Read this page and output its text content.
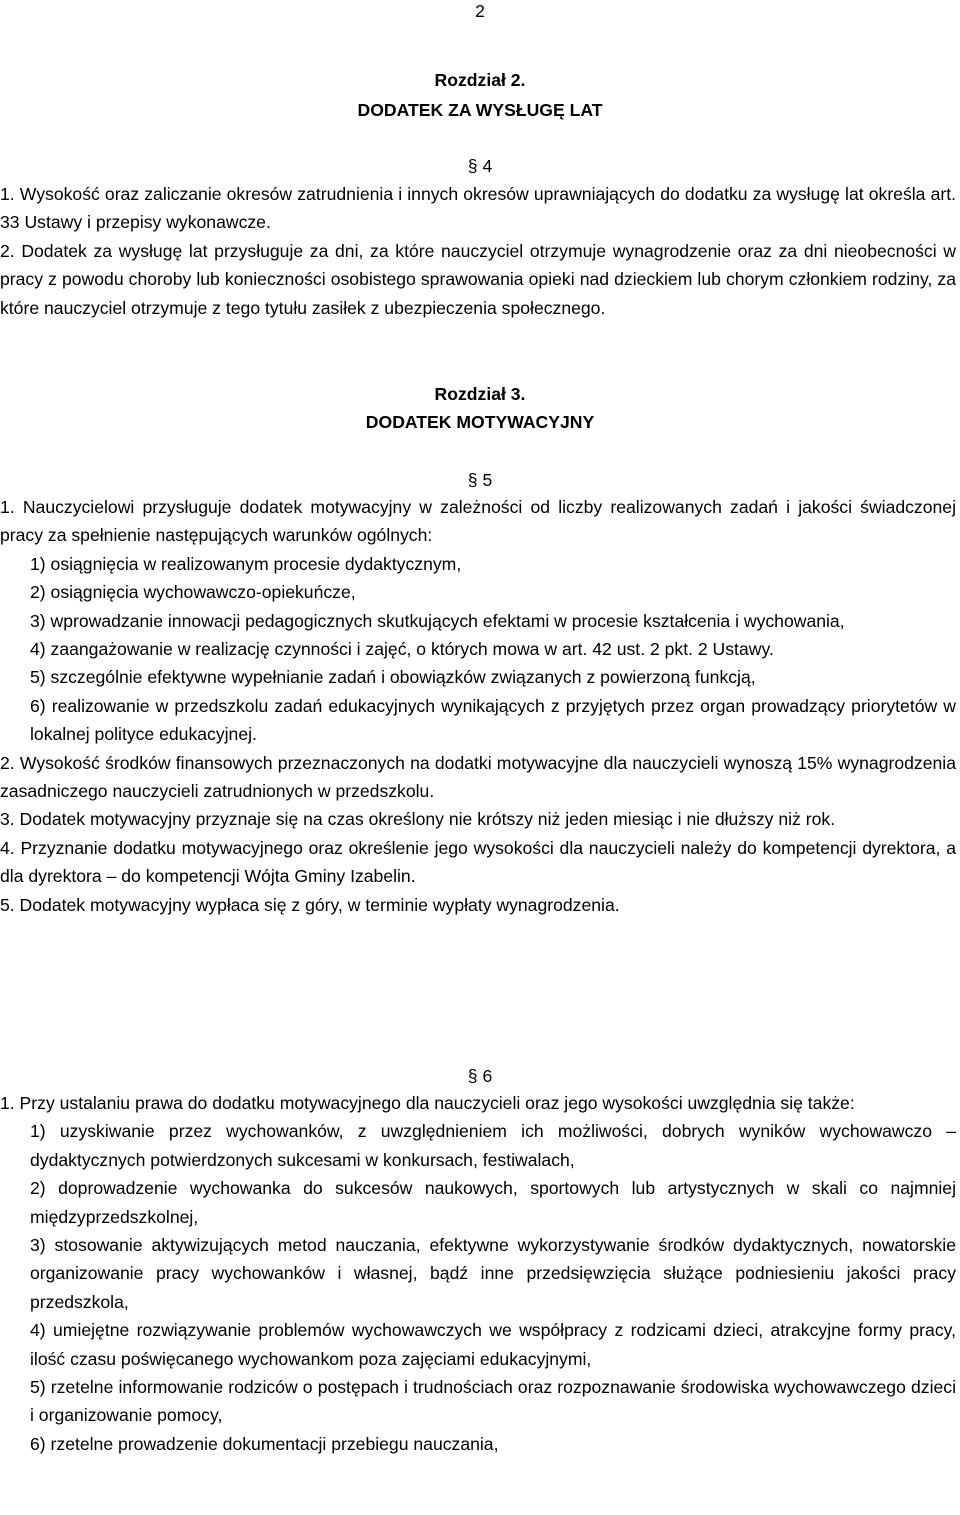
2
Rozdział 2.
DODATEK ZA WYSŁUGĘ LAT
§ 4

1. Wysokość oraz zaliczanie okresów zatrudnienia i innych okresów uprawniających do dodatku za wysługę lat określa art. 33 Ustawy i przepisy wykonawcze.

2. Dodatek za wysługę lat przysługuje za dni, za które nauczyciel otrzymuje wynagrodzenie oraz za dni nieobecności w pracy z powodu choroby lub konieczności osobistego sprawowania opieki nad dzieckiem lub chorym członkiem rodziny, za które nauczyciel otrzymuje z tego tytułu zasiłek z ubezpieczenia społecznego.

Rozdział 3.
DODATEK MOTYWACYJNY
§ 5

1. Nauczycielowi przysługuje dodatek motywacyjny w zależności od liczby realizowanych zadań i jakości świadczonej pracy za spełnienie następujących warunków ogólnych:

1) osiągnięcia w realizowanym procesie dydaktycznym,

2) osiągnięcia wychowawczo-opiekuńcze,

3) wprowadzanie innowacji pedagogicznych skutkujących efektami w procesie kształcenia i wychowania,

4) zaangażowanie w realizację czynności i zajęć, o których mowa w art. 42 ust. 2 pkt. 2 Ustawy.

5) szczególnie efektywne wypełnianie zadań i obowiązków związanych z powierzoną funkcją,

6) realizowanie w przedszkolu zadań edukacyjnych wynikających z przyjętych przez organ prowadzący priorytetów w lokalnej polityce edukacyjnej.

2. Wysokość środków finansowych przeznaczonych na dodatki motywacyjne dla nauczycieli wynoszą 15% wynagrodzenia zasadniczego nauczycieli zatrudnionych w przedszkolu.

3. Dodatek motywacyjny przyznaje się na czas określony nie krótszy niż jeden miesiąc i nie dłuższy niż rok.

4. Przyznanie dodatku motywacyjnego oraz określenie jego wysokości dla nauczycieli należy do kompetencji dyrektora, a dla dyrektora – do kompetencji Wójta Gminy Izabelin.

5. Dodatek motywacyjny wypłaca się z góry, w terminie wypłaty wynagrodzenia.

§ 6

1. Przy ustalaniu prawa do dodatku motywacyjnego dla nauczycieli oraz jego wysokości uwzględnia się także:

1) uzyskiwanie przez wychowanków, z uwzględnieniem ich możliwości, dobrych wyników wychowawczo – dydaktycznych potwierdzonych sukcesami w konkursach, festiwalach,

2) doprowadzenie wychowanka do sukcesów naukowych, sportowych lub artystycznych w skali co najmniej międzyprzedszkolnej,

3) stosowanie aktywizujących metod nauczania, efektywne wykorzystywanie środków dydaktycznych, nowatorskie organizowanie pracy wychowanków i własnej, bądź inne przedsięwzięcia służące podniesieniu jakości pracy przedszkola,

4) umiejętne rozwiązywanie problemów wychowawczych we współpracy z rodzicami dzieci, atrakcyjne formy pracy, ilość czasu poświęcanego wychowankom poza zajęciami edukacyjnymi,

5) rzetelne informowanie rodziców o postępach i trudnościach oraz rozpoznawanie środowiska wychowawczego dzieci i organizowanie pomocy,

6) rzetelne prowadzenie dokumentacji przebiegu nauczania,
